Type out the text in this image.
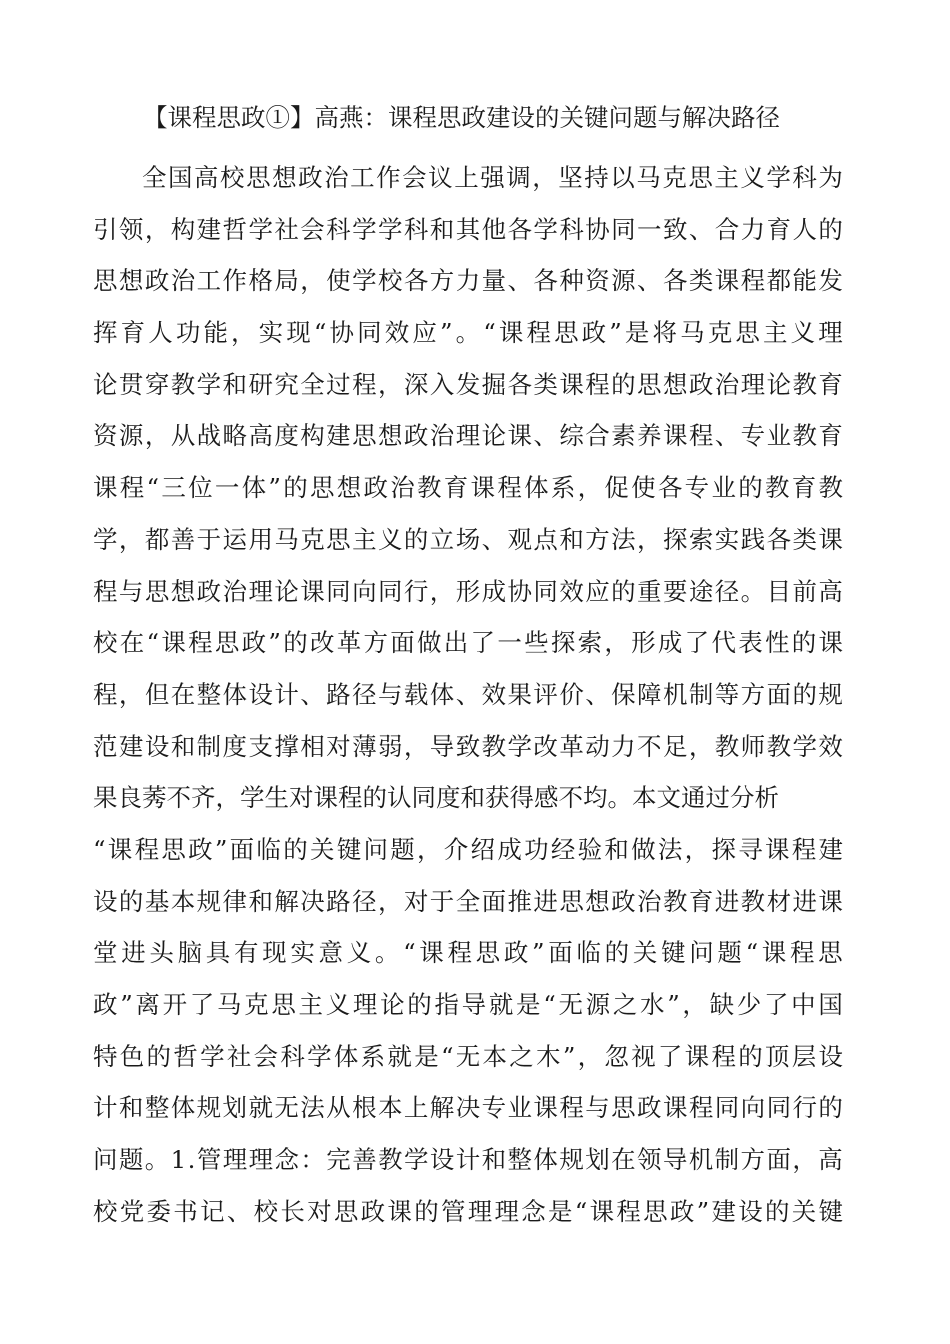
【课程思政①】高燕：课程思政建设的关键问题与解决路径
全 国 高 校 思 想 政 治 工 作 会 议 上 强 调 ， 坚 持 以 马 克 思 主 义 学 科 为
引 领 ， 构 建 哲 学 社 会 科 学 学 科 和 其 他 各 学 科 协 同 一 致 、 合 力 育 人 的
思 想 政 治 工 作 格 局 ， 使 学 校 各 方 力 量 、 各 种 资 源 、 各 类 课 程 都 能 发
挥 育 人 功 能 ， 实 现 “ 协 同 效 应 ” 。 “ 课 程 思 政 ” 是 将 马 克 思 主 义 理
论 贯 穿 教 学 和 研 究 全 过 程 ， 深 入 发 掘 各 类 课 程 的 思 想 政 治 理 论 教 育
资 源 ， 从 战 略 高 度 构 建 思 想 政 治 理 论 课 、 综 合 素 养 课 程 、 专 业 教 育
课 程 “ 三 位 一 体 ” 的 思 想 政 治 教 育 课 程 体 系 ， 促 使 各 专 业 的 教 育 教
学 ， 都 善 于 运 用 马 克 思 主 义 的 立 场 、 观 点 和 方 法 ， 探 索 实 践 各 类 课
程 与 思 想 政 治 理 论 课 同 向 同 行 ， 形 成 协 同 效 应 的 重 要 途 径 。 目 前 高
校 在 “ 课 程 思 政 ” 的 改 革 方 面 做 出 了 一 些 探 索 ， 形 成 了 代 表 性 的 课
程 ， 但 在 整 体 设 计 、 路 径 与 载 体 、 效 果 评 价 、 保 障 机 制 等 方 面 的 规
范 建 设 和 制 度 支 撑 相 对 薄 弱 ， 导 致 教 学 改 革 动 力 不 足 ， 教 师 教 学 效
果 良 莠 不 齐 ， 学 生 对 课 程 的 认 同 度 和 获 得 感 不 均 。 本 文 通 过 分 析
“ 课 程 思 政 ” 面 临 的 关 键 问 题 ， 介 绍 成 功 经 验 和 做 法 ， 探 寻 课 程 建
设 的 基 本 规 律 和 解 决 路 径 ， 对 于 全 面 推 进 思 想 政 治 教 育 进 教 材 进 课
堂 进 头 脑 具 有 现 实 意 义 。 “ 课 程 思 政 ” 面 临 的 关 键 问 题 “ 课 程 思
政 ” 离 开 了 马 克 思 主 义 理 论 的 指 导 就 是 “ 无 源 之 水 ” ， 缺 少 了 中 国
特 色 的 哲 学 社 会 科 学 体 系 就 是 “ 无 本 之 木 ” ， 忽 视 了 课 程 的 顶 层 设
计 和 整 体 规 划 就 无 法 从 根 本 上 解 决 专 业 课 程 与 思 政 课 程 同 向 同 行 的
问 题 。 1 . 管 理 理 念 ： 完 善 教 学 设 计 和 整 体 规 划 在 领 导 机 制 方 面 ， 高
校 党 委 书 记 、 校 长 对 思 政 课 的 管 理 理 念 是 “ 课 程 思 政 ” 建 设 的 关 键
